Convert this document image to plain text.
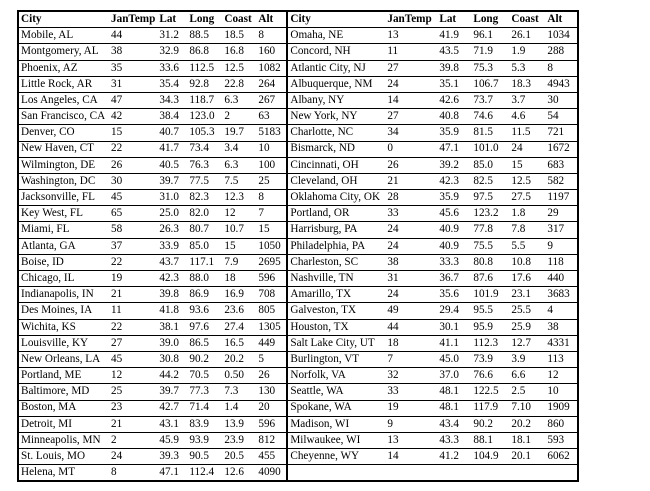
City	JanTemp	Lat	Long	Coast	Alt	City	JanTemp	Lat	Long	Coast	Alt
Mobile, AL	44	31.2	88.5	18.5	8	Omaha, NE	13	41.9	96.1	26.1	1034
Montgomery, AL	38	32.9	86.8	16.8	160	Concord, NH	11	43.5	71.9	1.9	288
Phoenix, AZ	35	33.6	112.5	12.5	1082	Atlantic City, NJ	27	39.8	75.3	5.3	8
Little Rock, AR	31	35.4	92.8	22.8	264	Albuquerque, NM	24	35.1	106.7	18.3	4943
Los Angeles, CA	47	34.3	118.7	6.3	267	Albany, NY	14	42.6	73.7	3.7	30
San Francisco, CA	42	38.4	123.0	2	63	New York, NY	27	40.8	74.6	4.6	54
Denver, CO	15	40.7	105.3	19.7	5183	Charlotte, NC	34	35.9	81.5	11.5	721
New Haven, CT	22	41.7	73.4	3.4	10	Bismarck, ND	0	47.1	101.0	24	1672
Wilmington, DE	26	40.5	76.3	6.3	100	Cincinnati, OH	26	39.2	85.0	15	683
Washington, DC	30	39.7	77.5	7.5	25	Cleveland, OH	21	42.3	82.5	12.5	582
Jacksonville, FL	45	31.0	82.3	12.3	8	Oklahoma City, OK	28	35.9	97.5	27.5	1197
Key West, FL	65	25.0	82.0	12	7	Portland, OR	33	45.6	123.2	1.8	29
Miami, FL	58	26.3	80.7	10.7	15	Harrisburg, PA	24	40.9	77.8	7.8	317
Atlanta, GA	37	33.9	85.0	15	1050	Philadelphia, PA	24	40.9	75.5	5.5	9
Boise, ID	22	43.7	117.1	7.9	2695	Charleston, SC	38	33.3	80.8	10.8	118
Chicago, IL	19	42.3	88.0	18	596	Nashville, TN	31	36.7	87.6	17.6	440
Indianapolis, IN	21	39.8	86.9	16.9	708	Amarillo, TX	24	35.6	101.9	23.1	3683
Des Moines, IA	11	41.8	93.6	23.6	805	Galveston, TX	49	29.4	95.5	25.5	4
Wichita, KS	22	38.1	97.6	27.4	1305	Houston, TX	44	30.1	95.9	25.9	38
Louisville, KY	27	39.0	86.5	16.5	449	Salt Lake City, UT	18	41.1	112.3	12.7	4331
New Orleans, LA	45	30.8	90.2	20.2	5	Burlington, VT	7	45.0	73.9	3.9	113
Portland, ME	12	44.2	70.5	0.50	26	Norfolk, VA	32	37.0	76.6	6.6	12
Baltimore, MD	25	39.7	77.3	7.3	130	Seattle, WA	33	48.1	122.5	2.5	10
Boston, MA	23	42.7	71.4	1.4	20	Spokane, WA	19	48.1	117.9	7.10	1909
Detroit, MI	21	43.1	83.9	13.9	596	Madison, WI	9	43.4	90.2	20.2	860
Minneapolis, MN	2	45.9	93.9	23.9	812	Milwaukee, WI	13	43.3	88.1	18.1	593
St. Louis, MO	24	39.3	90.5	20.5	455	Cheyenne, WY	14	41.2	104.9	20.1	6062
Helena, MT	8	47.1	112.4	12.6	4090						
